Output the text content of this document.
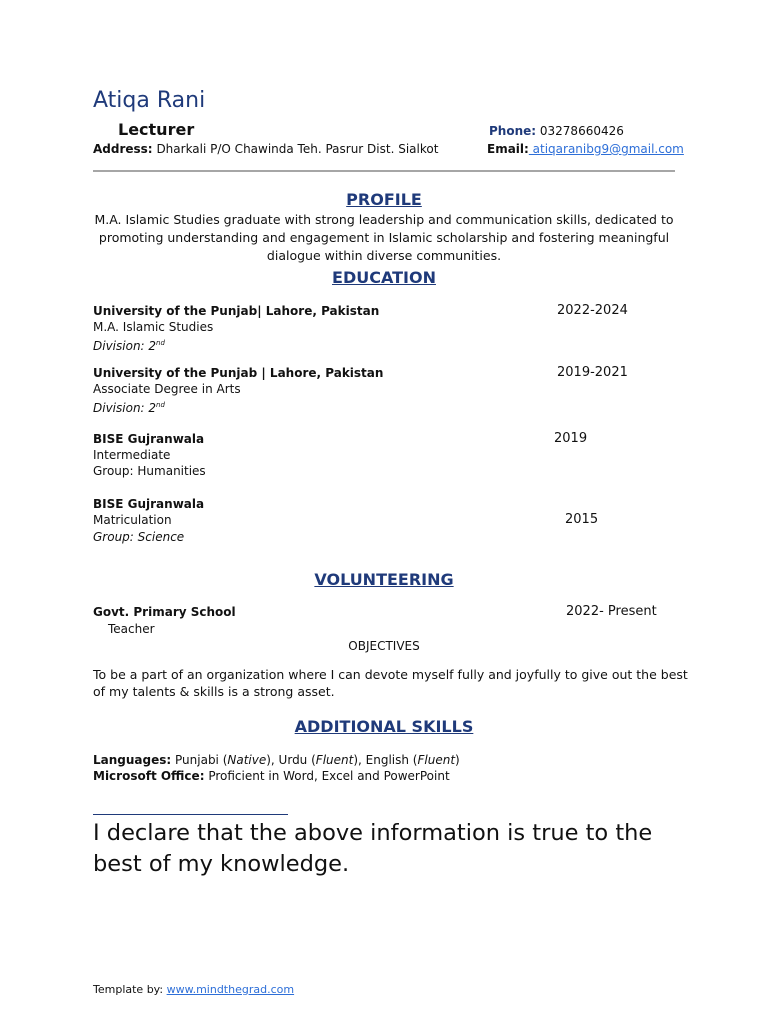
Atiqa Rani
Lecturer	Phone: 03278660426
Address: Dharkali P/O Chawinda Teh. Pasrur Dist. Sialkot	Email: atiqaranibg9@gmail.com
PROFILE
M.A. Islamic Studies graduate with strong leadership and communication skills, dedicated to promoting understanding and engagement in Islamic scholarship and fostering meaningful dialogue within diverse communities.
EDUCATION
University of the Punjab| Lahore, Pakistan	2022-2024
M.A. Islamic Studies
Division: 2nd
University of the Punjab | Lahore, Pakistan	2019-2021
Associate Degree in Arts
Division: 2nd
BISE Gujranwala	2019
Intermediate
Group: Humanities
BISE Gujranwala
Matriculation	2015
Group: Science
VOLUNTEERING
Govt. Primary School	2022- Present
Teacher
OBJECTIVES
To be a part of an organization where I can devote myself fully and joyfully to give out the best of my talents & skills is a strong asset.
ADDITIONAL SKILLS
Languages: Punjabi (Native), Urdu (Fluent), English (Fluent)
Microsoft Office: Proficient in Word, Excel and PowerPoint
I declare that the above information is true to the best of my knowledge.
Template by: www.mindthegrad.com
